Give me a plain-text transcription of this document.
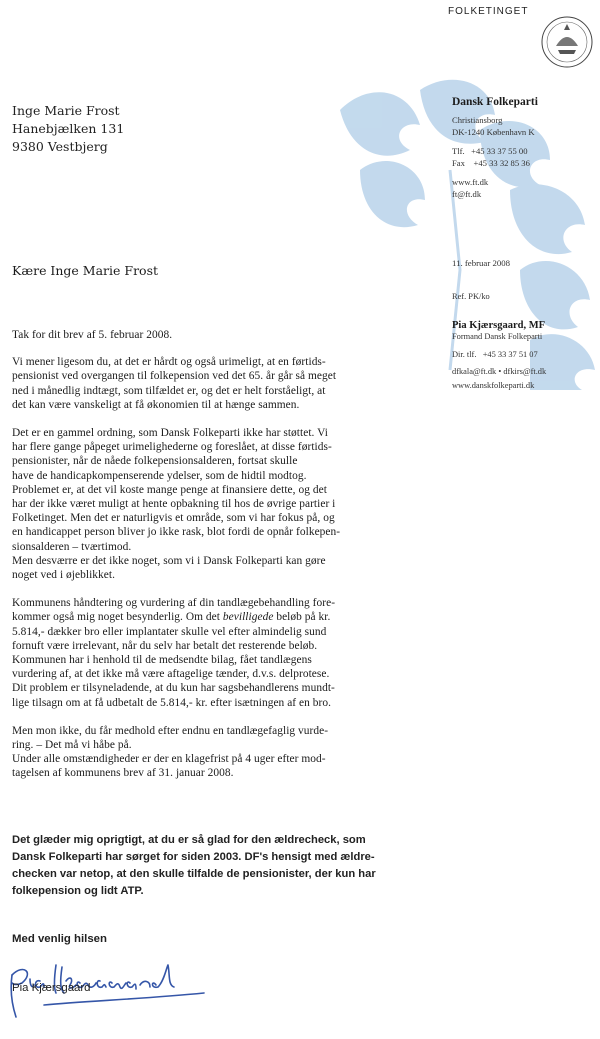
FOLKETINGET
Inge Marie Frost
Hanebjælken 131
9380 Vestbjerg
Dansk Folkeparti
Christiansborg
DK-1240 København K
Tlf.   +45 33 37 55 00
Fax    +45 33 32 85 36
www.ft.dk
ft@ft.dk
11. februar 2008
Ref. PK/ko
Pia Kjærsgaard, MF
Formand Dansk Folkeparti
Dir. tlf.   +45 33 37 51 07
dfkala@ft.dk • dfkirs@ft.dk
www.danskfolkeparti.dk
Kære Inge Marie Frost

Tak for dit brev af 5. februar 2008.

Vi mener ligesom du, at det er hårdt og også urimeligt, at en førtids-
pensionist ved overgangen til folkepension ved det 65. år går så meget
ned i månedlig indtægt, som tilfældet er, og det er helt forståeligt, at
det kan være vanskeligt at få økonomien til at hænge sammen.

Det er en gammel ordning, som Dansk Folkeparti ikke har støttet. Vi
har flere gange påpeget urimelighederne og foreslået, at disse førtids-
pensionister, når de nåede folkepensionsalderen, fortsat skulle
have de handicapkompenserende ydelser, som de hidtil modtog.
Problemet er, at det vil koste mange penge at finansiere dette, og det
har der ikke været muligt at hente opbakning til hos de øvrige partier i
Folketinget. Men det er naturligvis et område, som vi har fokus på, og
en handicappet person bliver jo ikke rask, blot fordi de opnår folkepen-
sionsalderen – tværtimod.
Men desværre er det ikke noget, som vi i Dansk Folkeparti kan gøre
noget ved i øjeblikket.

Kommunens håndtering og vurdering af din tandlægebehandling fore-
kommer også mig noget besynderlig. Om det bevilligede beløb på kr.
5.814,- dækker bro eller implantater skulle vel efter almindelig sund
fornuft være irrelevant, når du selv har betalt det resterende beløb.
Kommunen har i henhold til de medsendte bilag, fået tandlægens
vurdering af, at det ikke må være aftagelige tænder, d.v.s. delprotese.
Dit problem er tilsyneladende, at du kun har sagsbehandlerens mundt-
lige tilsagn om at få udbetalt de 5.814,- kr. efter isætningen af en bro.

Men mon ikke, du får medhold efter endnu en tandlægefaglig vurde-
ring. – Det må vi håbe på.
Under alle omstændigheder er der en klagefrist på 4 uger efter mod-
tagelsen af kommunens brev af 31. januar 2008.

Det glæder mig oprigtigt, at du er så glad for den ældrecheck, som
Dansk Folkeparti har sørget for siden 2003. DF's hensigt med ældre-
checken var netop, at den skulle tilfalde de pensionister, der kun har
folkepension og lidt ATP.
Med venlig hilsen
Pia Kjærsgaard
